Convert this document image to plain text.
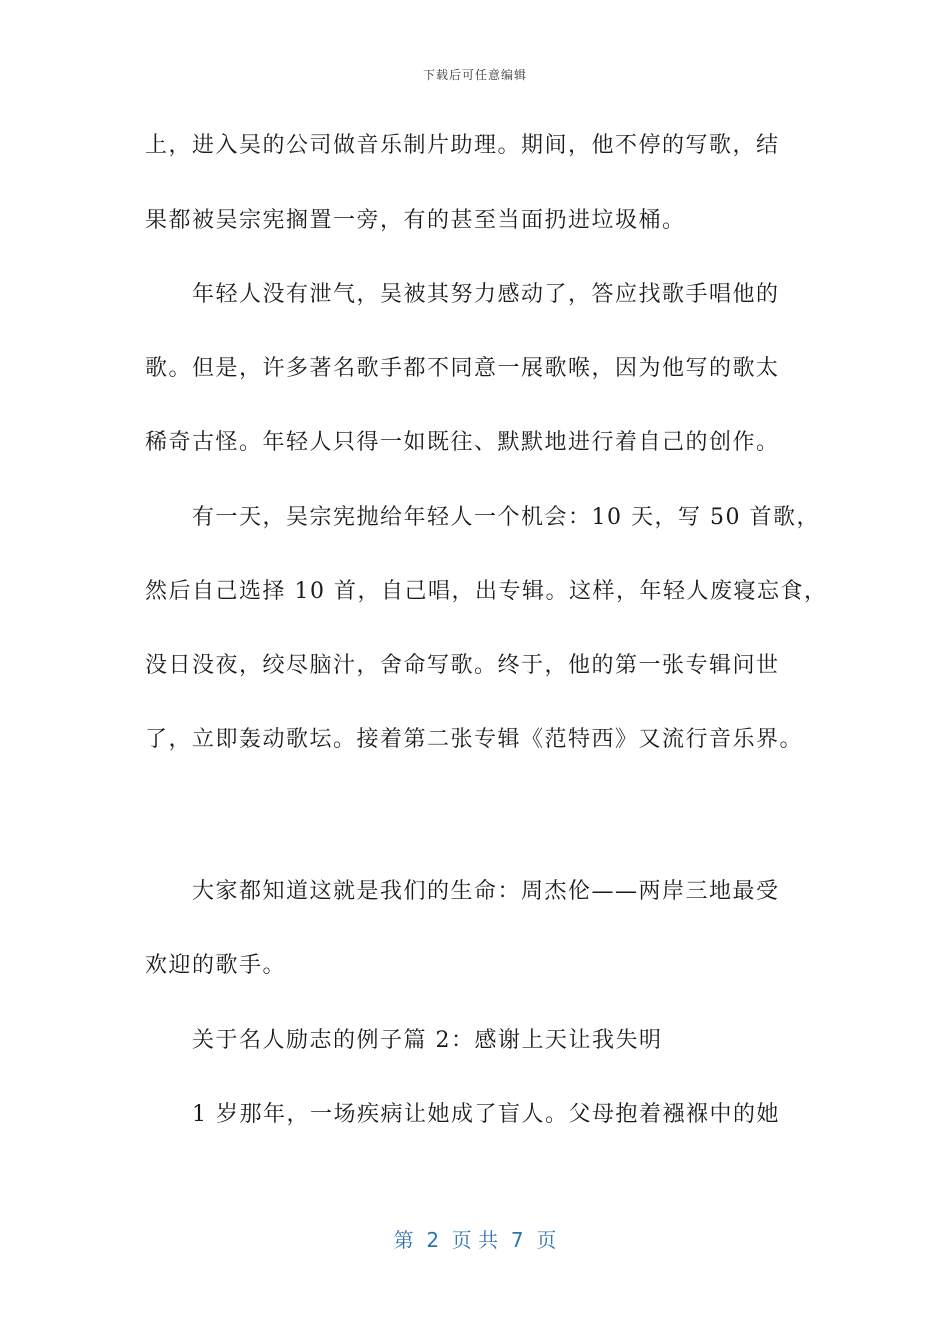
下载后可任意编辑
上，进入吴的公司做音乐制片助理。期间，他不停的写歌，结
果都被吴宗宪搁置一旁，有的甚至当面扔进垃圾桶。
　　年轻人没有泄气，吴被其努力感动了，答应找歌手唱他的
歌。但是，许多著名歌手都不同意一展歌喉，因为他写的歌太
稀奇古怪。年轻人只得一如既往、默默地进行着自己的创作。
　　有一天，吴宗宪抛给年轻人一个机会：10 天，写 50 首歌，
然后自己选择 10 首，自己唱，出专辑。这样，年轻人废寝忘食，
没日没夜，绞尽脑汁，舍命写歌。终于，他的第一张专辑问世
了，立即轰动歌坛。接着第二张专辑《范特西》又流行音乐界。
　　大家都知道这就是我们的生命：周杰伦——两岸三地最受
欢迎的歌手。
　　关于名人励志的例子篇 2：感谢上天让我失明
　　1 岁那年，一场疾病让她成了盲人。父母抱着襁褓中的她
第  2  页 共  7  页
